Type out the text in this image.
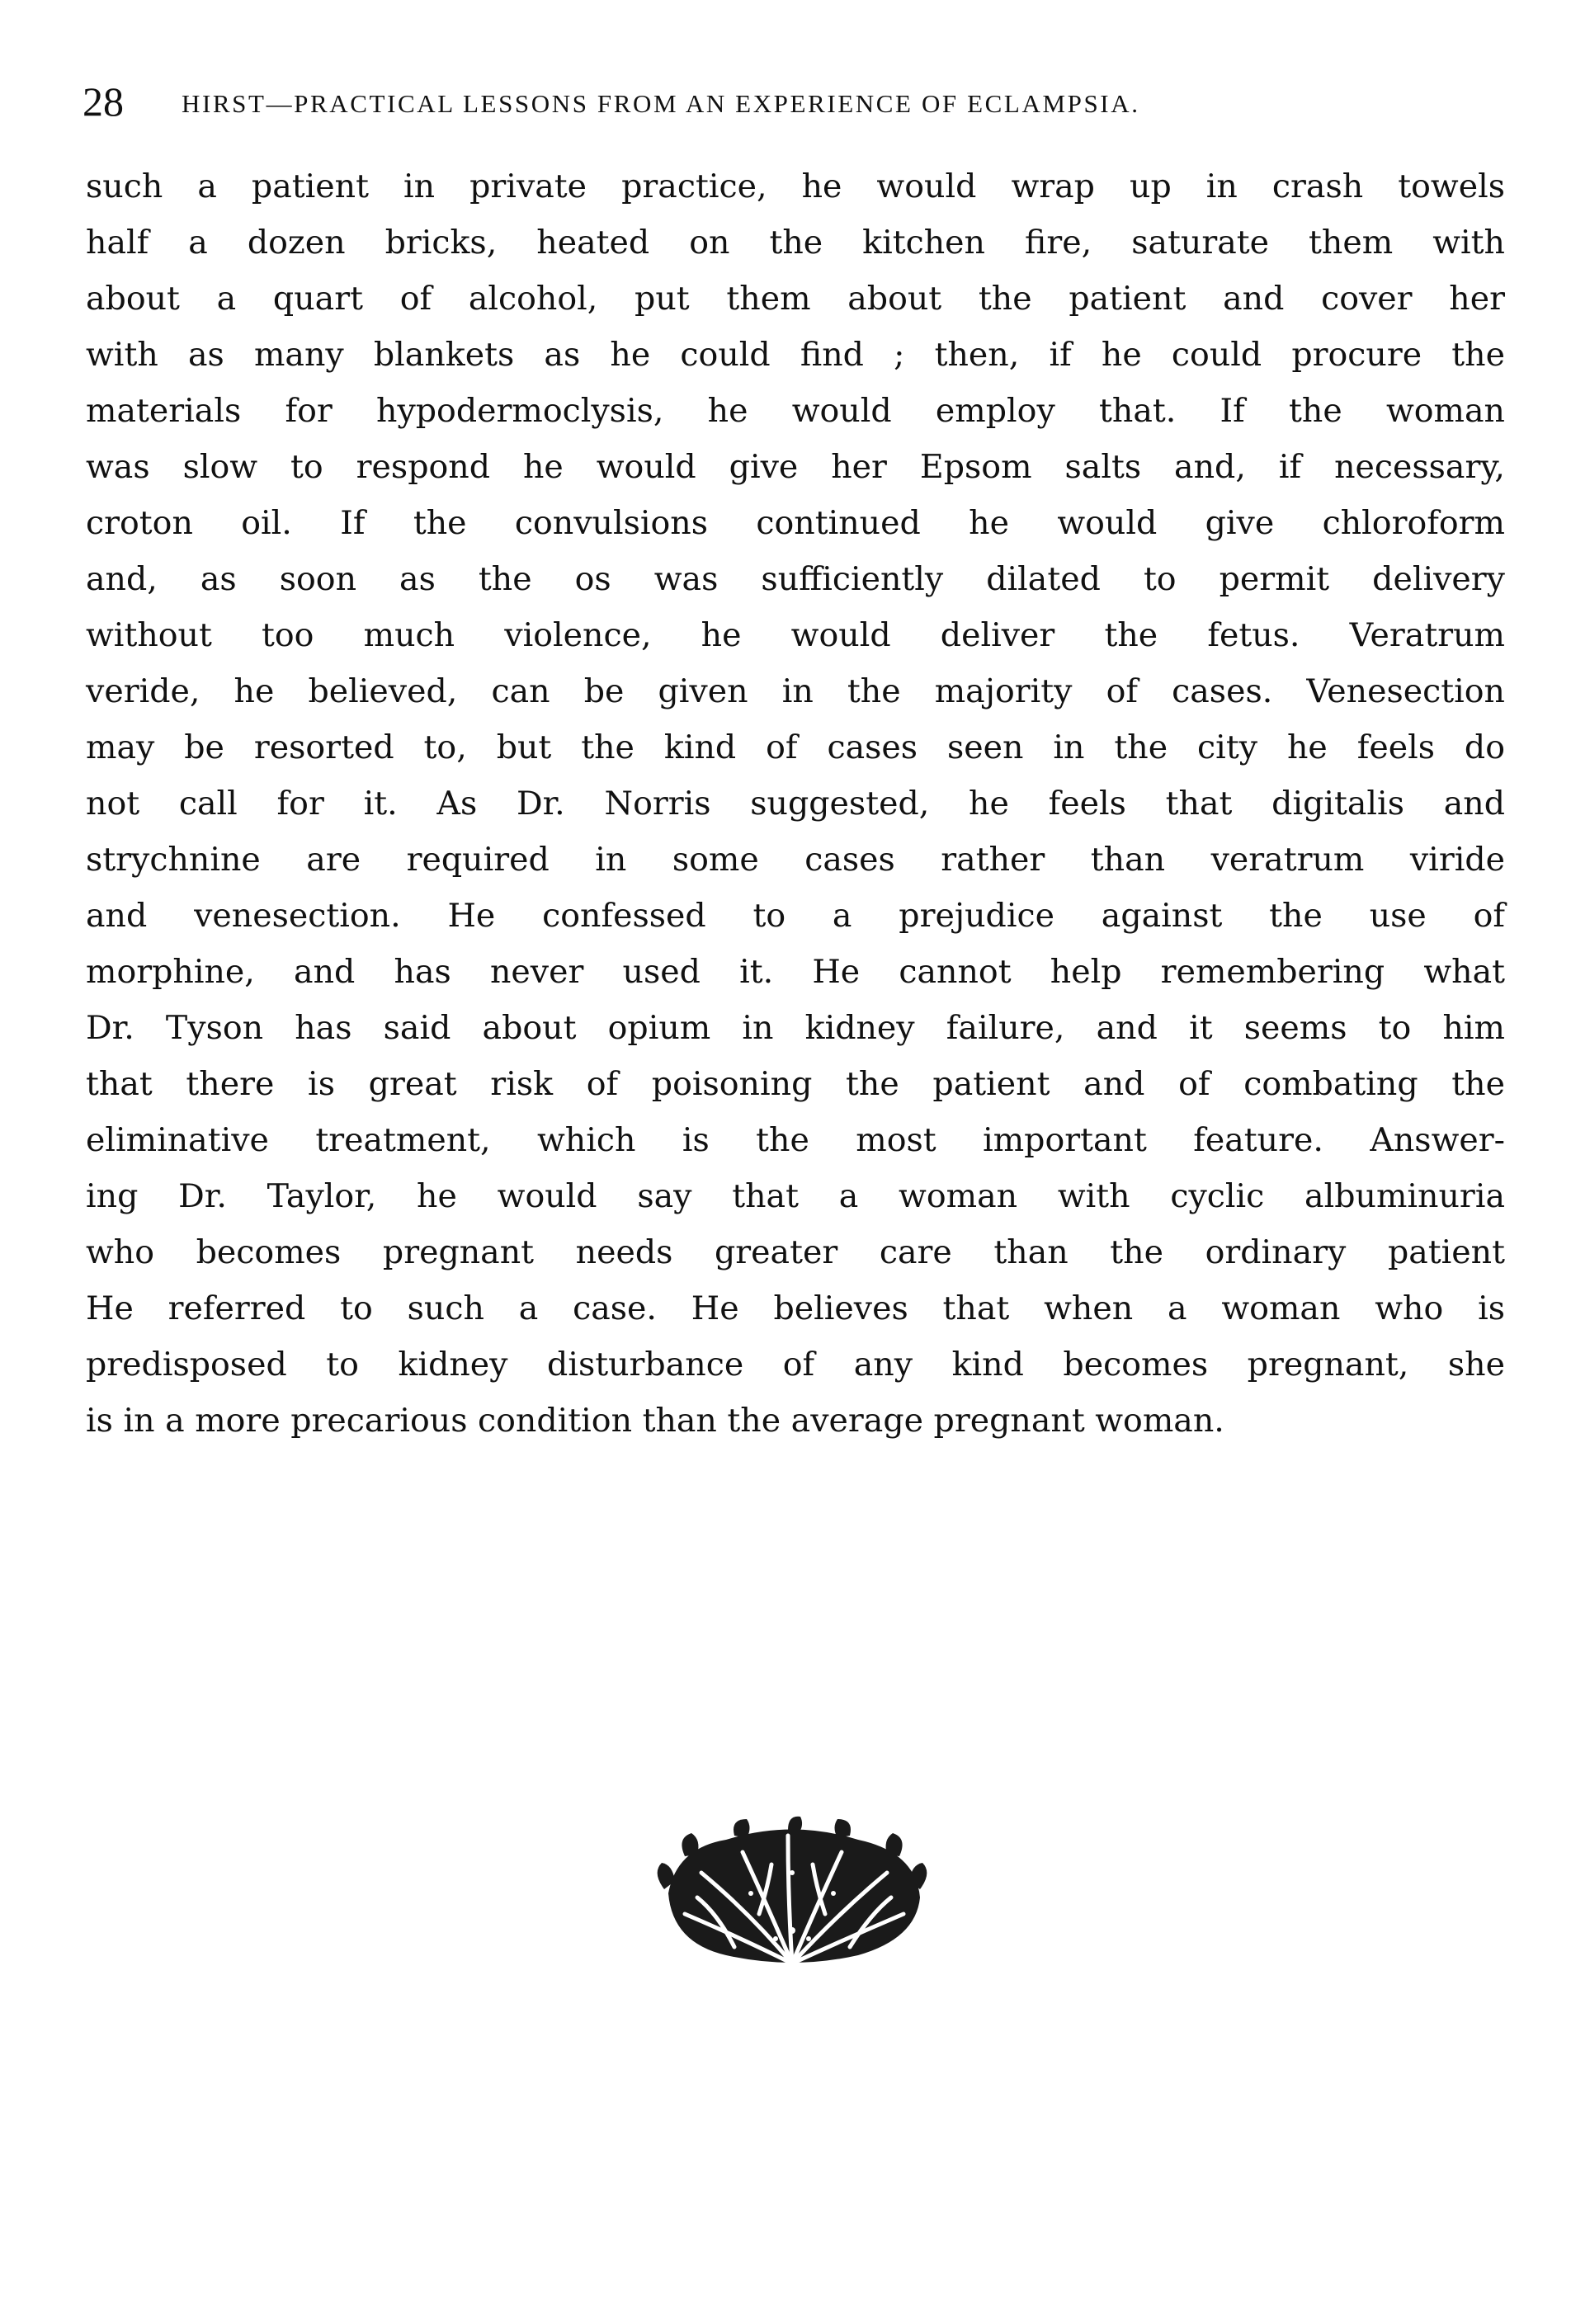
28 HIRST—PRACTICAL LESSONS FROM AN EXPERIENCE OF ECLAMPSIA.
such a patient in private practice, he would wrap up in crash towels
half a dozen bricks, heated on the kitchen fire, saturate them with
about a quart of alcohol, put them about the patient and cover her
with as many blankets as he could find ; then, if he could procure the
materials for hypodermoclysis, he would employ that. If the woman
was slow to respond he would give her Epsom salts and, if necessary,
croton oil. If the convulsions continued he would give chloroform
and, as soon as the os was sufficiently dilated to permit delivery
without too much violence, he would deliver the fetus. Veratrum
veride, he believed, can be given in the majority of cases. Venesection
may be resorted to, but the kind of cases seen in the city he feels do
not call for it. As Dr. Norris suggested, he feels that digitalis and
strychnine are required in some cases rather than veratrum viride
and venesection. He confessed to a prejudice against the use of
morphine, and has never used it. He cannot help remembering what
Dr. Tyson has said about opium in kidney failure, and it seems to him
that there is great risk of poisoning the patient and of combating the
eliminative treatment, which is the most important feature. Answer-
ing Dr. Taylor, he would say that a woman with cyclic albuminuria
who becomes pregnant needs greater care than the ordinary patient
He referred to such a case. He believes that when a woman who is
predisposed to kidney disturbance of any kind becomes pregnant, she
is in a more precarious condition than the average pregnant woman.
